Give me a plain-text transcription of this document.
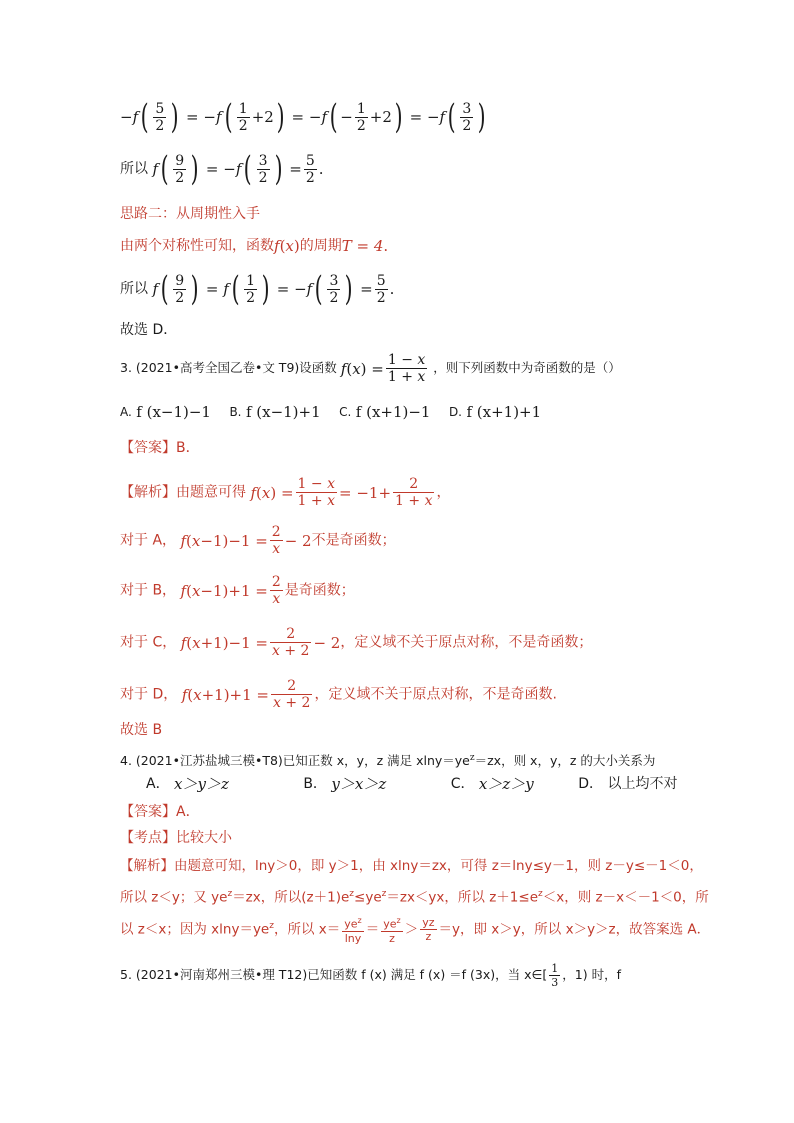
$-f( \frac{5}{2}$ ) = $-f( \frac{1}{2} +2) = -f( - \frac{1}{2} +2) = -f( \frac{3}{2}$ )
所以 $f( \frac{9}{2}$ ) = $-f( \frac{3}{2}$ ) = $\frac{5}{2}$ .
思路二：从周期性入手
由两个对称性可知，函数f(x)的周期T = 4.
所以 $f( \frac{9}{2}$ ) = $f( \frac{1}{2}$ ) = $-f( \frac{3}{2}$ ) = $\frac{5}{2}$ .
故选 D．
3. (2021•高考全国乙卷•文 T9)设函数 $f(x) = \frac{1 - x}{1 + x}$ ，则下列函数中为奇函数的是（）
A. f (x−1)−1 B. f (x−1)+1 C. f (x+1)−1 D. f (x+1)+1
【答案】B．
【解析】由题意可得 $f(x) = \frac{1 - x}{1 + x} = -1+ \frac{2}{1 + x}$ ，
对于 A， $f(x-1)-1 = \frac{2}{x} - 2$不是奇函数；
对于 B， $f(x-1)+1 = \frac{2}{x}$ 是奇函数；
对于 C， $f(x+1)-1 = \frac{2}{x + 2} - 2$，定义域不关于原点对称，不是奇函数；
对于 D， $f(x+1)+1 = \frac{2}{x + 2}$ ，定义域不关于原点对称，不是奇函数.
故选 B
4. (2021•江苏盐城三模•T8)已知正数 x，y，z 满足 $xlny=ye^z=zx$，则 x，y，z 的大小关系为
A． x＞y＞z	B． y＞x＞z	C． x＞z＞y	D． 以上均不对
【答案】A．
【考点】比较大小
【解析】由题意可知，lny＞0，即 y＞1，由 xlny＝zx，可得 z＝lny≤y－1，则 z－y≤－1＜0，
所以 z＜y；又 $ye^z=zx$，所以$(z+1)e^z\le ye^z=zx<yx$，所以 $z+1\le e^z<x$，则 z－x＜－1＜0，所
以 z＜x；因为 $xlny=ye^z$，所以 $x= \frac{ye^z}{\ln y} = \frac{ye^z}{z} > \frac{yz}{z} =y$，即 x＞y，所以 x＞y＞z，故答案选 A．
5. (2021•河南郑州三模•理 T12)已知函数 f (x) 满足 f (x) ＝f (3x)，当 x∈[ $\frac{1}{3}$ ，1) 时，f
